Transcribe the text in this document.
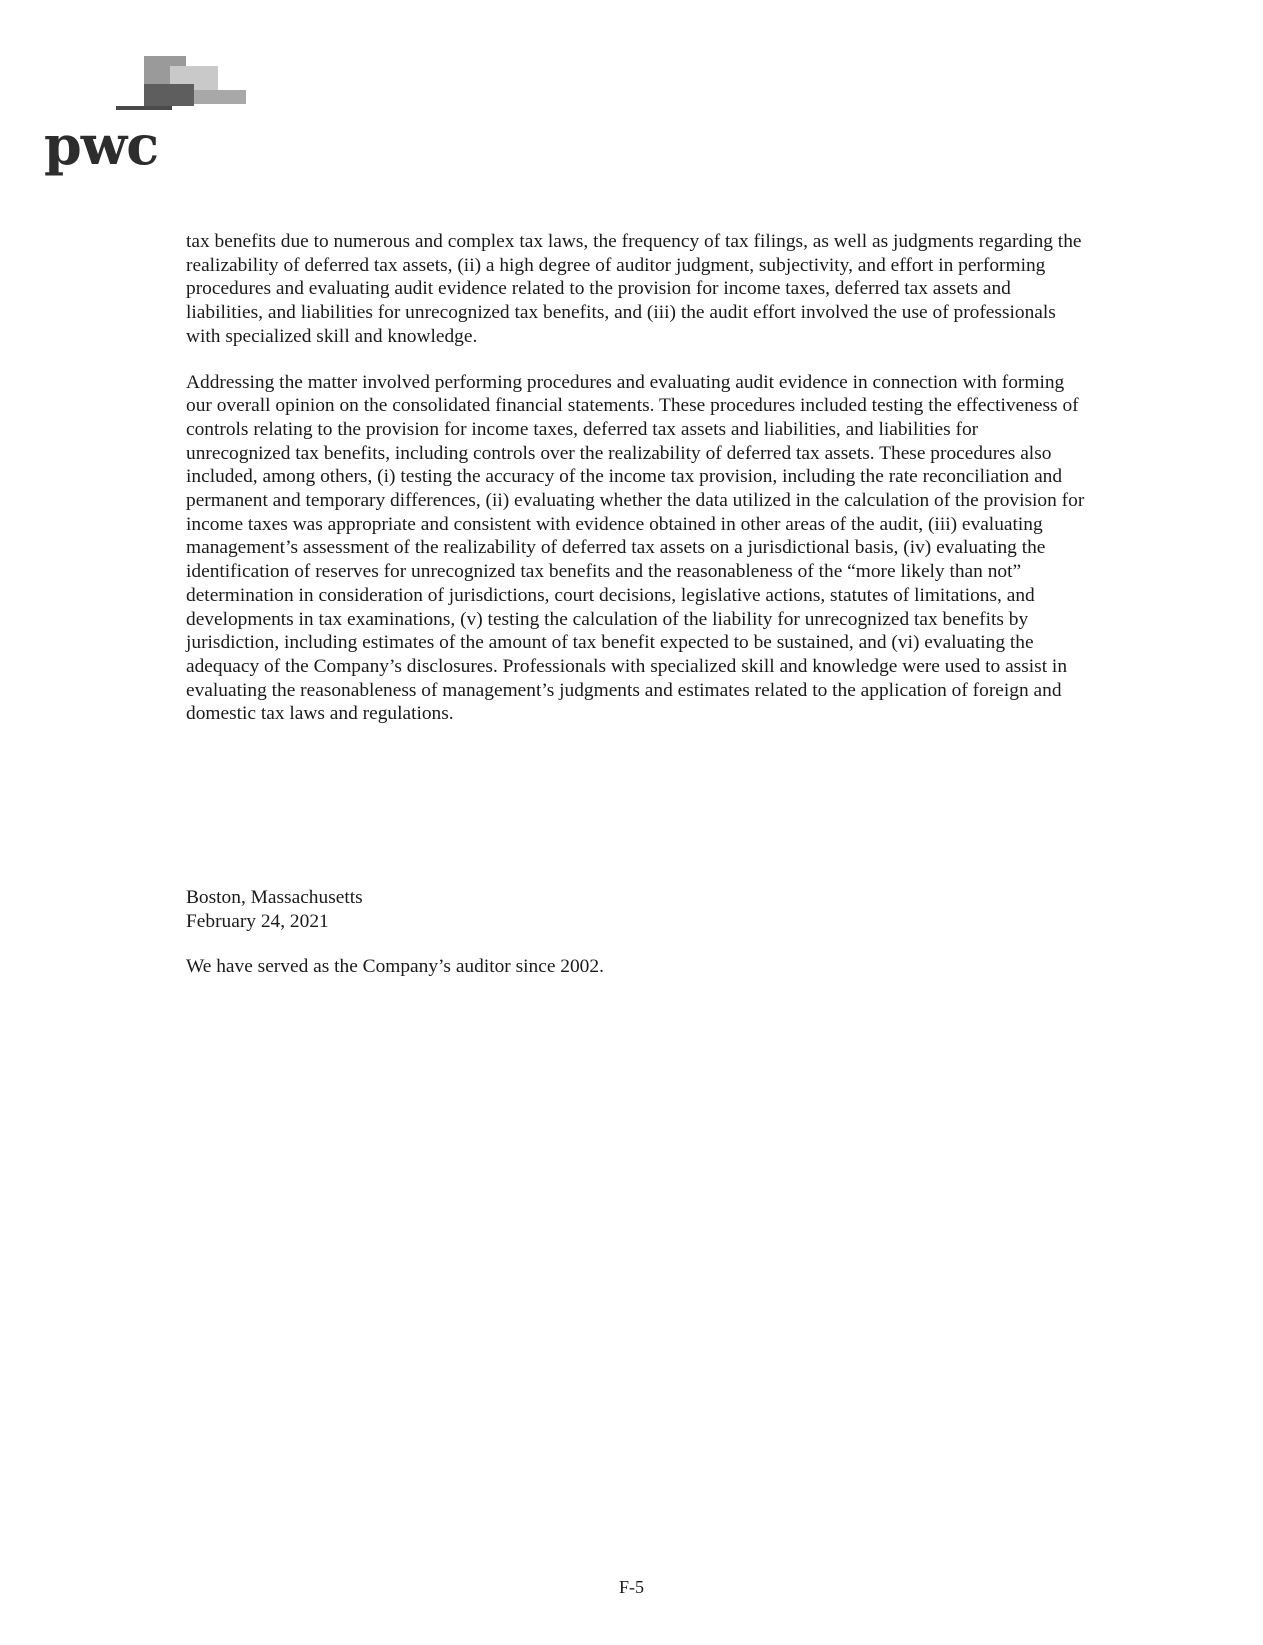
pwc

tax benefits due to numerous and complex tax laws, the frequency of tax filings, as well as judgments regarding the realizability of deferred tax assets, (ii) a high degree of auditor judgment, subjectivity, and effort in performing procedures and evaluating audit evidence related to the provision for income taxes, deferred tax assets and liabilities, and liabilities for unrecognized tax benefits, and (iii) the audit effort involved the use of professionals with specialized skill and knowledge.

Addressing the matter involved performing procedures and evaluating audit evidence in connection with forming our overall opinion on the consolidated financial statements. These procedures included testing the effectiveness of controls relating to the provision for income taxes, deferred tax assets and liabilities, and liabilities for unrecognized tax benefits, including controls over the realizability of deferred tax assets. These procedures also included, among others, (i) testing the accuracy of the income tax provision, including the rate reconciliation and permanent and temporary differences, (ii) evaluating whether the data utilized in the calculation of the provision for income taxes was appropriate and consistent with evidence obtained in other areas of the audit, (iii) evaluating management’s assessment of the realizability of deferred tax assets on a jurisdictional basis, (iv) evaluating the identification of reserves for unrecognized tax benefits and the reasonableness of the “more likely than not” determination in consideration of jurisdictions, court decisions, legislative actions, statutes of limitations, and developments in tax examinations, (v) testing the calculation of the liability for unrecognized tax benefits by jurisdiction, including estimates of the amount of tax benefit expected to be sustained, and (vi) evaluating the adequacy of the Company’s disclosures. Professionals with specialized skill and knowledge were used to assist in evaluating the reasonableness of management’s judgments and estimates related to the application of foreign and domestic tax laws and regulations.

Boston, Massachusetts
February 24, 2021
We have served as the Company’s auditor since 2002.
F-5
